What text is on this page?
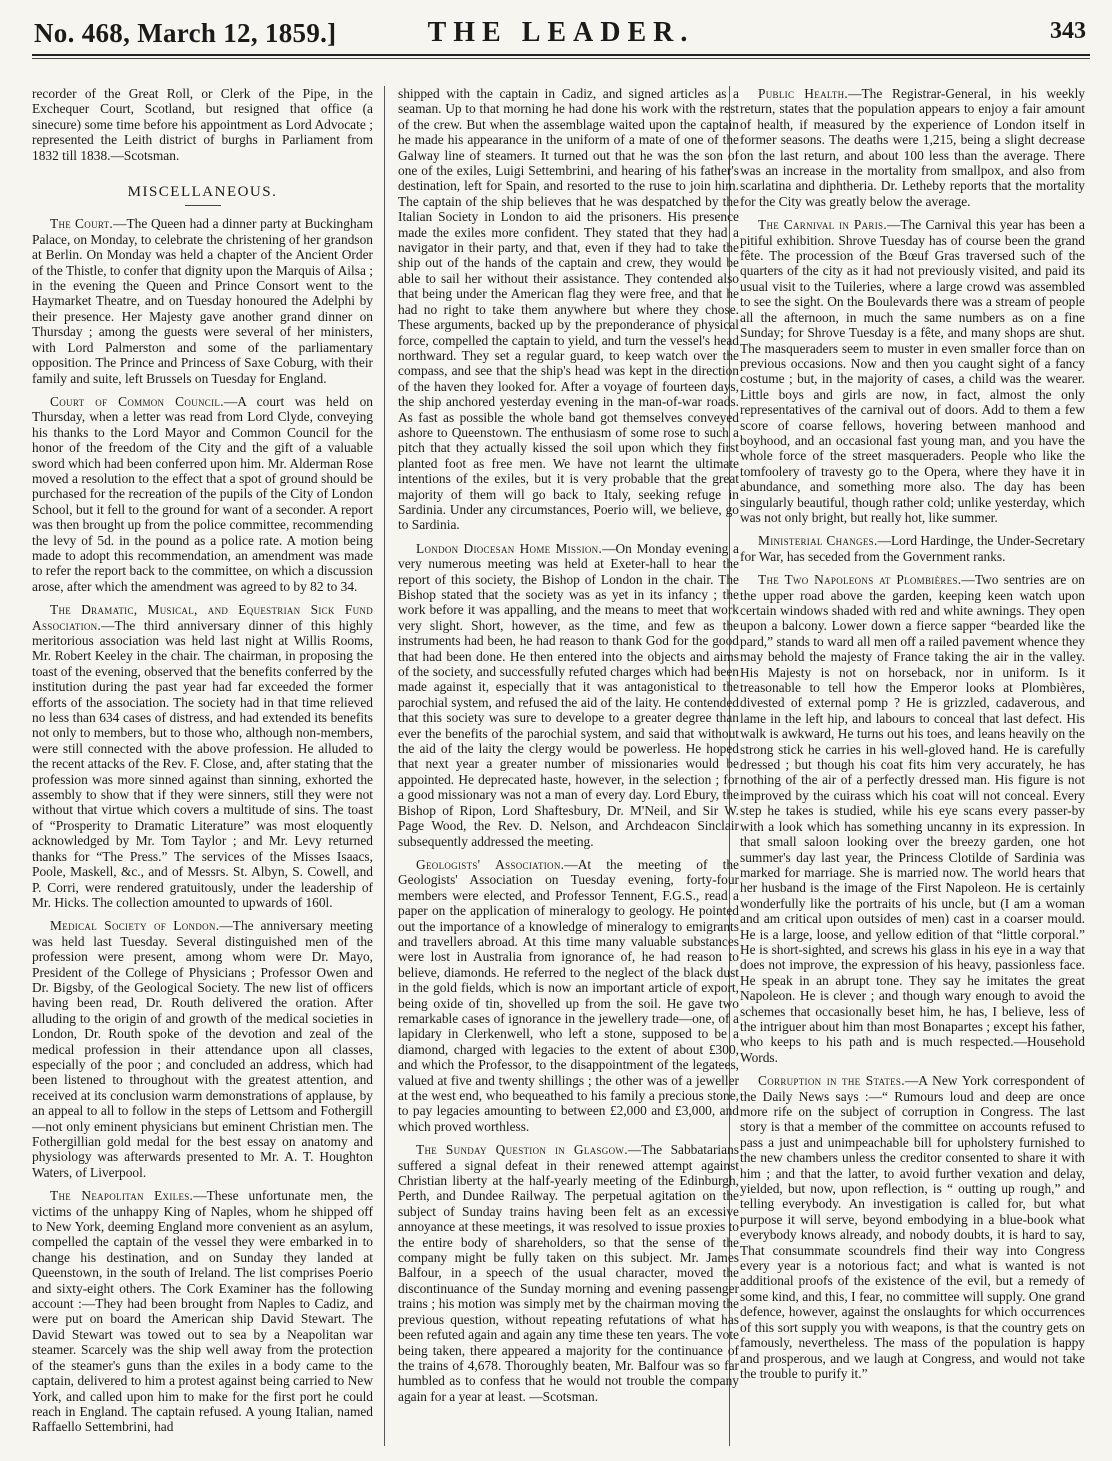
No. 468, March 12, 1859.]	THE LEADER.	343

recorder of the Great Roll, or Clerk of the Pipe, in the Exchequer Court, Scotland, but resigned that office (a sinecure) some time before his appointment as Lord Advocate ; represented the Leith district of burghs in Parliament from 1832 till 1838.—Scotsman.

MISCELLANEOUS.

The Court.—The Queen had a dinner party at Buckingham Palace, on Monday, to celebrate the christening of her grandson at Berlin. On Monday was held a chapter of the Ancient Order of the Thistle, to confer that dignity upon the Marquis of Ailsa ; in the evening the Queen and Prince Consort went to the Haymarket Theatre, and on Tuesday honoured the Adelphi by their presence. Her Majesty gave another grand dinner on Thursday ; among the guests were several of her ministers, with Lord Palmerston and some of the parliamentary opposition. The Prince and Princess of Saxe Coburg, with their family and suite, left Brussels on Tuesday for England.

Court of Common Council.—A court was held on Thursday, when a letter was read from Lord Clyde, conveying his thanks to the Lord Mayor and Common Council for the honor of the freedom of the City and the gift of a valuable sword which had been conferred upon him. Mr. Alderman Rose moved a resolution to the effect that a spot of ground should be purchased for the recreation of the pupils of the City of London School, but it fell to the ground for want of a seconder. A report was then brought up from the police committee, recommending the levy of 5d. in the pound as a police rate. A motion being made to adopt this recommendation, an amendment was made to refer the report back to the committee, on which a discussion arose, after which the amendment was agreed to by 82 to 34.

The Dramatic, Musical, and Equestrian Sick Fund Association.—The third anniversary dinner of this highly meritorious association was held last night at Willis Rooms, Mr. Robert Keeley in the chair. The chairman, in proposing the toast of the evening, observed that the benefits conferred by the institution during the past year had far exceeded the former efforts of the association. The society had in that time relieved no less than 634 cases of distress, and had extended its benefits not only to members, but to those who, although non-members, were still connected with the above profession. He alluded to the recent attacks of the Rev. F. Close, and, after stating that the profession was more sinned against than sinning, exhorted the assembly to show that if they were sinners, still they were not without that virtue which covers a multitude of sins. The toast of “Prosperity to Dramatic Literature” was most eloquently acknowledged by Mr. Tom Taylor ; and Mr. Levy returned thanks for “The Press.” The services of the Misses Isaacs, Poole, Maskell, &c., and of Messrs. St. Albyn, S. Cowell, and P. Corri, were rendered gratuitously, under the leadership of Mr. Hicks. The collection amounted to upwards of 160l.

Medical Society of London.—The anniversary meeting was held last Tuesday. Several distinguished men of the profession were present, among whom were Dr. Mayo, President of the College of Physicians ; Professor Owen and Dr. Bigsby, of the Geological Society. The new list of officers having been read, Dr. Routh delivered the oration. After alluding to the origin of and growth of the medical societies in London, Dr. Routh spoke of the devotion and zeal of the medical profession in their attendance upon all classes, especially of the poor ; and concluded an address, which had been listened to throughout with the greatest attention, and received at its conclusion warm demonstrations of applause, by an appeal to all to follow in the steps of Lettsom and Fothergill—not only eminent physicians but eminent Christian men. The Fothergillian gold medal for the best essay on anatomy and physiology was afterwards presented to Mr. A. T. Houghton Waters, of Liverpool.

The Neapolitan Exiles.—These unfortunate men, the victims of the unhappy King of Naples, whom he shipped off to New York, deeming England more convenient as an asylum, compelled the captain of the vessel they were embarked in to change his destination, and on Sunday they landed at Queenstown, in the south of Ireland. The list comprises Poerio and sixty-eight others. The Cork Examiner has the following account :—They had been brought from Naples to Cadiz, and were put on board the American ship David Stewart. The David Stewart was towed out to sea by a Neapolitan war steamer. Scarcely was the ship well away from the protection of the steamer's guns than the exiles in a body came to the captain, delivered to him a protest against being carried to New York, and called upon him to make for the first port he could reach in England. The captain refused. A young Italian, named Raffaello Settembrini, had

shipped with the captain in Cadiz, and signed articles as a seaman. Up to that morning he had done his work with the rest of the crew. But when the assemblage waited upon the captain he made his appearance in the uniform of a mate of one of the Galway line of steamers. It turned out that he was the son of one of the exiles, Luigi Settembrini, and hearing of his father's destination, left for Spain, and resorted to the ruse to join him. The captain of the ship believes that he was despatched by the Italian Society in London to aid the prisoners. His presence made the exiles more confident. They stated that they had a navigator in their party, and that, even if they had to take the ship out of the hands of the captain and crew, they would be able to sail her without their assistance. They contended also that being under the American flag they were free, and that he had no right to take them anywhere but where they chose. These arguments, backed up by the preponderance of physical force, compelled the captain to yield, and turn the vessel's head northward. They set a regular guard, to keep watch over the compass, and see that the ship's head was kept in the direction of the haven they looked for. After a voyage of fourteen days, the ship anchored yesterday evening in the man-of-war roads. As fast as possible the whole band got themselves conveyed ashore to Queenstown. The enthusiasm of some rose to such a pitch that they actually kissed the soil upon which they first planted foot as free men. We have not learnt the ultimate intentions of the exiles, but it is very probable that the great majority of them will go back to Italy, seeking refuge in Sardinia. Under any circumstances, Poerio will, we believe, go to Sardinia.

London Diocesan Home Mission.—On Monday evening a very numerous meeting was held at Exeter-hall to hear the report of this society, the Bishop of London in the chair. The Bishop stated that the society was as yet in its infancy ; the work before it was appalling, and the means to meet that work very slight. Short, however, as the time, and few as the instruments had been, he had reason to thank God for the good that had been done. He then entered into the objects and aims of the society, and successfully refuted charges which had been made against it, especially that it was antagonistical to the parochial system, and refused the aid of the laity. He contended that this society was sure to develope to a greater degree than ever the benefits of the parochial system, and said that without the aid of the laity the clergy would be powerless. He hoped that next year a greater number of missionaries would be appointed. He deprecated haste, however, in the selection ; for a good missionary was not a man of every day. Lord Ebury, the Bishop of Ripon, Lord Shaftesbury, Dr. M'Neil, and Sir W. Page Wood, the Rev. D. Nelson, and Archdeacon Sinclair subsequently addressed the meeting.

Geologists' Association.—At the meeting of the Geologists' Association on Tuesday evening, forty-four members were elected, and Professor Tennent, F.G.S., read a paper on the application of mineralogy to geology. He pointed out the importance of a knowledge of mineralogy to emigrants and travellers abroad. At this time many valuable substances were lost in Australia from ignorance of, he had reason to believe, diamonds. He referred to the neglect of the black dust in the gold fields, which is now an important article of export, being oxide of tin, shovelled up from the soil. He gave two remarkable cases of ignorance in the jewellery trade—one, of a lapidary in Clerkenwell, who left a stone, supposed to be a diamond, charged with legacies to the extent of about £300, and which the Professor, to the disappointment of the legatees, valued at five and twenty shillings ; the other was of a jeweller at the west end, who bequeathed to his family a precious stone, to pay legacies amounting to between £2,000 and £3,000, and which proved worthless.

The Sunday Question in Glasgow.—The Sabbatarians suffered a signal defeat in their renewed attempt against Christian liberty at the half-yearly meeting of the Edinburgh, Perth, and Dundee Railway. The perpetual agitation on the subject of Sunday trains having been felt as an excessive annoyance at these meetings, it was resolved to issue proxies to the entire body of shareholders, so that the sense of the company might be fully taken on this subject. Mr. James Balfour, in a speech of the usual character, moved the discontinuance of the Sunday morning and evening passenger trains ; his motion was simply met by the chairman moving the previous question, without repeating refutations of what has been refuted again and again any time these ten years. The vote being taken, there appeared a majority for the continuance of the trains of 4,678. Thoroughly beaten, Mr. Balfour was so far humbled as to confess that he would not trouble the company again for a year at least. —Scotsman.

Public Health.—The Registrar-General, in his weekly return, states that the population appears to enjoy a fair amount of health, if measured by the experience of London itself in former seasons. The deaths were 1,215, being a slight decrease on the last return, and about 100 less than the average. There was an increase in the mortality from smallpox, and also from scarlatina and diphtheria. Dr. Letheby reports that the mortality for the City was greatly below the average.

The Carnival in Paris.—The Carnival this year has been a pitiful exhibition. Shrove Tuesday has of course been the grand fête. The procession of the Bœuf Gras traversed such of the quarters of the city as it had not previously visited, and paid its usual visit to the Tuileries, where a large crowd was assembled to see the sight. On the Boulevards there was a stream of people all the afternoon, in much the same numbers as on a fine Sunday; for Shrove Tuesday is a fête, and many shops are shut. The masqueraders seem to muster in even smaller force than on previous occasions. Now and then you caught sight of a fancy costume ; but, in the majority of cases, a child was the wearer. Little boys and girls are now, in fact, almost the only representatives of the carnival out of doors. Add to them a few score of coarse fellows, hovering between manhood and boyhood, and an occasional fast young man, and you have the whole force of the street masqueraders. People who like the tomfoolery of travesty go to the Opera, where they have it in abundance, and something more also. The day has been singularly beautiful, though rather cold; unlike yesterday, which was not only bright, but really hot, like summer.

Ministerial Changes.—Lord Hardinge, the Under-Secretary for War, has seceded from the Government ranks.

The Two Napoleons at Plombières.—Two sentries are on the upper road above the garden, keeping keen watch upon certain windows shaded with red and white awnings. They open upon a balcony. Lower down a fierce sapper “bearded like the pard,” stands to ward all men off a railed pavement whence they may behold the majesty of France taking the air in the valley. His Majesty is not on horseback, nor in uniform. Is it treasonable to tell how the Emperor looks at Plombières, divested of external pomp ? He is grizzled, cadaverous, and lame in the left hip, and labours to conceal that last defect. His walk is awkward, He turns out his toes, and leans heavily on the strong stick he carries in his well-gloved hand. He is carefully dressed ; but though his coat fits him very accurately, he has nothing of the air of a perfectly dressed man. His figure is not improved by the cuirass which his coat will not conceal. Every step he takes is studied, while his eye scans every passer-by with a look which has something uncanny in its expression. In that small saloon looking over the breezy garden, one hot summer's day last year, the Princess Clotilde of Sardinia was marked for marriage. She is married now. The world hears that her husband is the image of the First Napoleon. He is certainly wonderfully like the portraits of his uncle, but (I am a woman and am critical upon outsides of men) cast in a coarser mould. He is a large, loose, and yellow edition of that “little corporal.” He is short-sighted, and screws his glass in his eye in a way that does not improve, the expression of his heavy, passionless face. He speak in an abrupt tone. They say he imitates the great Napoleon. He is clever ; and though wary enough to avoid the schemes that occasionally beset him, he has, I believe, less of the intriguer about him than most Bonapartes ; except his father, who keeps to his path and is much respected.—Household Words.

Corruption in the States.—A New York correspondent of the Daily News says :—“ Rumours loud and deep are once more rife on the subject of corruption in Congress. The last story is that a member of the committee on accounts refused to pass a just and unimpeachable bill for upholstery furnished to the new chambers unless the creditor consented to share it with him ; and that the latter, to avoid further vexation and delay, yielded, but now, upon reflection, is “ outting up rough,” and telling everybody. An investigation is called for, but what purpose it will serve, beyond embodying in a blue-book what everybody knows already, and nobody doubts, it is hard to say, That consummate scoundrels find their way into Congress every year is a notorious fact; and what is wanted is not additional proofs of the existence of the evil, but a remedy of some kind, and this, I fear, no committee will supply. One grand defence, however, against the onslaughts for which occurrences of this sort supply you with weapons, is that the country gets on famously, nevertheless. The mass of the population is happy and prosperous, and we laugh at Congress, and would not take the trouble to purify it.”
